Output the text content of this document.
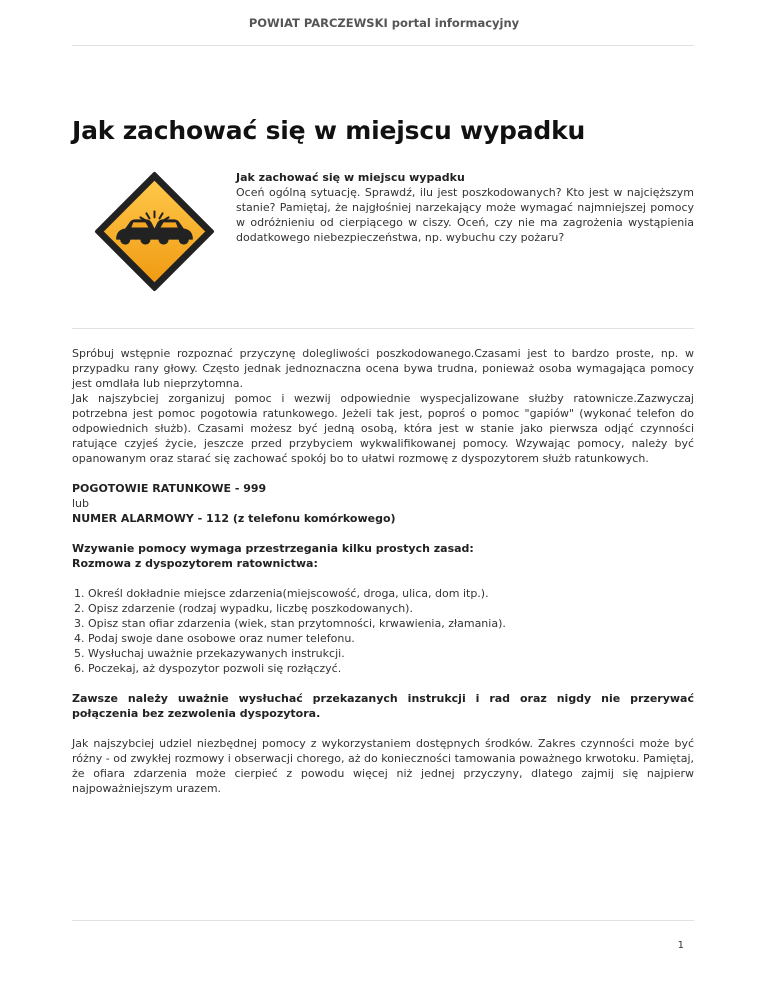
POWIAT PARCZEWSKI portal informacyjny
Jak zachować się w miejscu wypadku
Jak zachować się w miejscu wypadku
Oceń ogólną sytuację. Sprawdź, ilu jest poszkodowanych? Kto jest w najcięższym stanie? Pamiętaj, że najgłośniej narzekający może wymagać najmniejszej pomocy w odróżnieniu od cierpiącego w ciszy. Oceń, czy nie ma zagrożenia wystąpienia dodatkowego niebezpieczeństwa, np. wybuchu czy pożaru?

Spróbuj wstępnie rozpoznać przyczynę dolegliwości poszkodowanego.Czasami jest to bardzo proste, np. w przypadku rany głowy. Często jednak jednoznaczna ocena bywa trudna, ponieważ osoba wymagająca pomocy jest omdlała lub nieprzytomna.

Jak najszybciej zorganizuj pomoc i wezwij odpowiednie wyspecjalizowane służby ratownicze.Zazwyczaj potrzebna jest pomoc pogotowia ratunkowego. Jeżeli tak jest, poproś o pomoc "gapiów" (wykonać telefon do odpowiednich służb). Czasami możesz być jedną osobą, która jest w stanie jako pierwsza odjąć czynności ratujące czyjeś życie, jeszcze przed przybyciem wykwalifikowanej pomocy. Wzywając pomocy, należy być opanowanym oraz starać się zachować spokój bo to ułatwi rozmowę z dyspozytorem służb ratunkowych.

POGOTOWIE RATUNKOWE - 999

lub

NUMER ALARMOWY - 112 (z telefonu komórkowego)

Wzywanie pomocy wymaga przestrzegania kilku prostych zasad:

Rozmowa z dyspozytorem ratownictwa:

1. Określ dokładnie miejsce zdarzenia(miejscowość, droga, ulica, dom itp.).
2. Opisz zdarzenie (rodzaj wypadku, liczbę poszkodowanych).
3. Opisz stan ofiar zdarzenia (wiek, stan przytomności, krwawienia, złamania).
4. Podaj swoje dane osobowe oraz numer telefonu.
5. Wysłuchaj uważnie przekazywanych instrukcji.
6. Poczekaj, aż dyspozytor pozwoli się rozłączyć.

Zawsze należy uważnie wysłuchać przekazanych instrukcji i rad oraz nigdy nie przerywać połączenia bez zezwolenia dyspozytora.

Jak najszybciej udziel niezbędnej pomocy z wykorzystaniem dostępnych środków. Zakres czynności może być różny - od zwykłej rozmowy i obserwacji chorego, aż do konieczności tamowania poważnego krwotoku. Pamiętaj, że ofiara zdarzenia może cierpieć z powodu więcej niż jednej przyczyny, dlatego zajmij się najpierw najpoważniejszym urazem.

1
